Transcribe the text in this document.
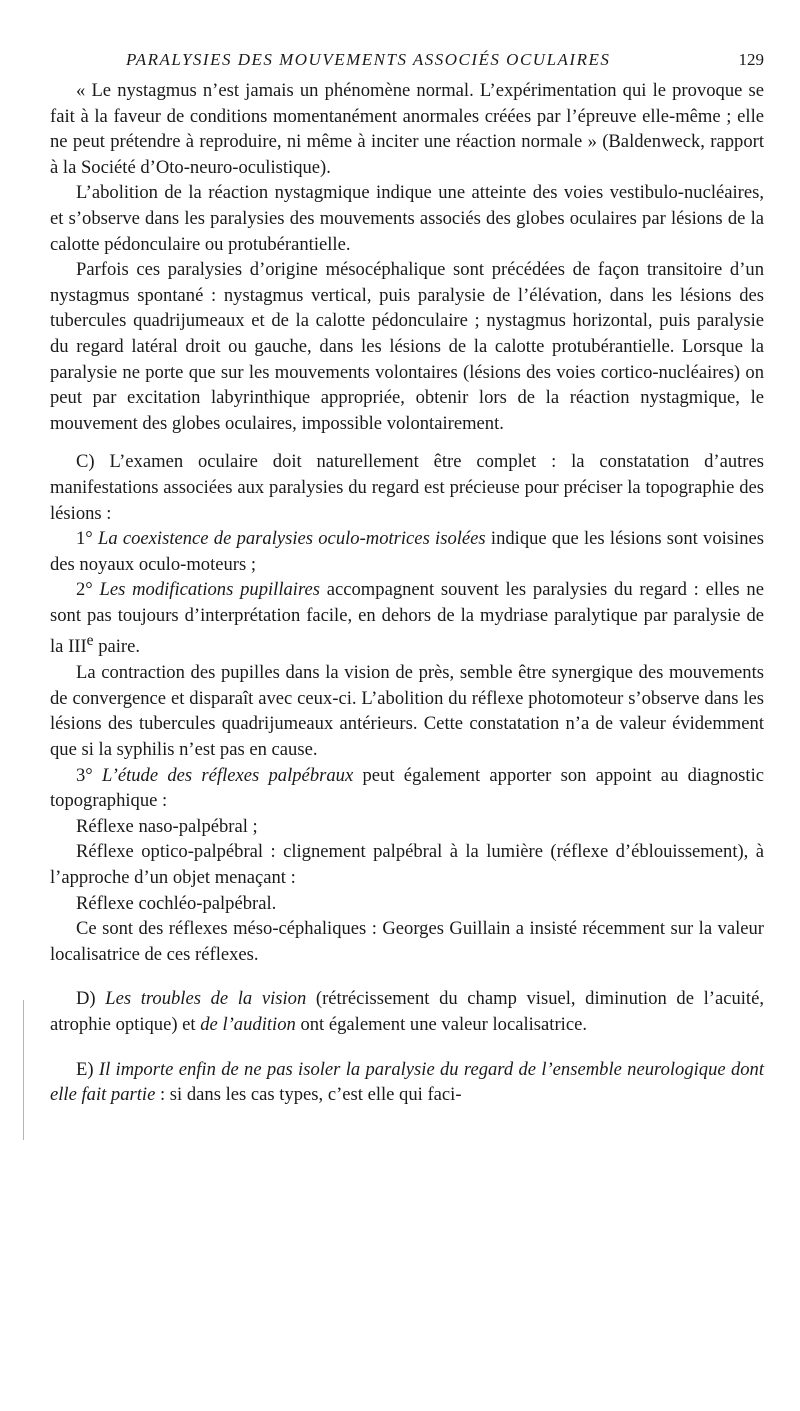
PARALYSIES DES MOUVEMENTS ASSOCIÉS OCULAIRES	129

« Le nystagmus n’est jamais un phénomène normal. L’expérimentation qui le provoque se fait à la faveur de conditions momentanément anormales créées par l’épreuve elle-même ; elle ne peut prétendre à reproduire, ni même à inciter une réaction normale » (Baldenweck, rapport à la Société d’Oto-neuro-oculistique).

L’abolition de la réaction nystagmique indique une atteinte des voies vestibulo-nucléaires, et s’observe dans les paralysies des mouvements associés des globes oculaires par lésions de la calotte pédonculaire ou protubérantielle.

Parfois ces paralysies d’origine mésocéphalique sont précédées de façon transitoire d’un nystagmus spontané : nystagmus vertical, puis paralysie de l’élévation, dans les lésions des tubercules quadrijumeaux et de la calotte pédonculaire ; nystagmus horizontal, puis paralysie du regard latéral droit ou gauche, dans les lésions de la calotte protubérantielle. Lorsque la paralysie ne porte que sur les mouvements volontaires (lésions des voies cortico-nucléaires) on peut par excitation labyrinthique appropriée, obtenir lors de la réaction nystagmique, le mouvement des globes oculaires, impossible volontairement.

C) L’examen oculaire doit naturellement être complet : la constatation d’autres manifestations associées aux paralysies du regard est précieuse pour préciser la topographie des lésions :

1° La coexistence de paralysies oculo-motrices isolées indique que les lésions sont voisines des noyaux oculo-moteurs ;

2° Les modifications pupillaires accompagnent souvent les paralysies du regard : elles ne sont pas toujours d’interprétation facile, en dehors de la mydriase paralytique par paralysie de la IIIe paire.

La contraction des pupilles dans la vision de près, semble être synergique des mouvements de convergence et disparaît avec ceux-ci. L’abolition du réflexe photomoteur s’observe dans les lésions des tubercules quadrijumeaux antérieurs. Cette constatation n’a de valeur évidemment que si la syphilis n’est pas en cause.

3° L’étude des réflexes palpébraux peut également apporter son appoint au diagnostic topographique :

Réflexe naso-palpébral ;

Réflexe optico-palpébral : clignement palpébral à la lumière (réflexe d’éblouissement), à l’approche d’un objet menaçant :

Réflexe cochléo-palpébral.

Ce sont des réflexes méso-céphaliques : Georges Guillain a insisté récemment sur la valeur localisatrice de ces réflexes.

D) Les troubles de la vision (rétrécissement du champ visuel, diminution de l’acuité, atrophie optique) et de l’audition ont également une valeur localisatrice.

E) Il importe enfin de ne pas isoler la paralysie du regard de l’ensemble neurologique dont elle fait partie : si dans les cas types, c’est elle qui faci-
